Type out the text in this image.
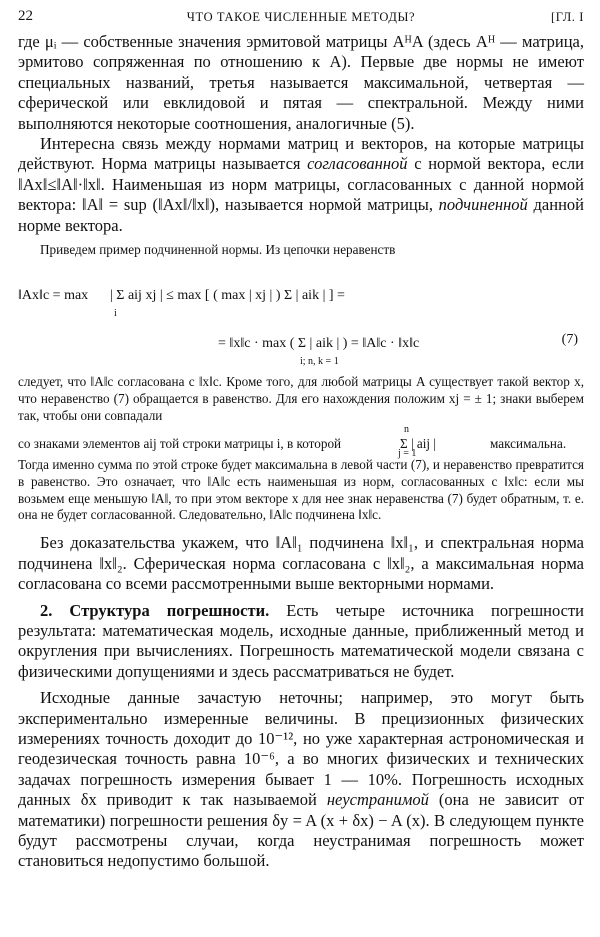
22	ЧТО ТАКОЕ ЧИСЛЕННЫЕ МЕТОДЫ?	[ГЛ. I

где μᵢ — собственные значения эрмитовой матрицы AᴴA (здесь Aᴴ — матрица, эрмитово сопряженная по отношению к A). Первые две нормы не имеют специальных названий, третья называется максимальной, четвертая — сферической или евклидовой и пятая — спектральной. Между ними выполняются некоторые соотношения, аналогичные (5).

Интересна связь между нормами матриц и векторов, на которые матрицы действуют. Норма матрицы называется согласованной с нормой вектора, если ‖Ax‖≤‖A‖·‖x‖. Наименьшая из норм матрицы, согласованных с данной нормой вектора: ‖A‖ = sup (‖Ax‖/‖x‖), называется нормой матрицы, подчиненной данной норме вектора.

Приведем пример подчиненной нормы. Из цепочки неравенств

‖Ax‖c = max | Σ aij xj | ≤ max [ ( max | xj | ) Σ | aik | ] =
i
= ‖x‖c · max ( Σ | aik | ) = ‖A‖c · ‖x‖c
i; n, k = 1
(7)

следует, что ‖A‖c согласована с ‖x‖c. Кроме того, для любой матрицы A существует такой вектор x, что неравенство (7) обращается в равенство. Для его нахождения положим xj = ± 1; знаки выберем так, чтобы они совпадали

со знаками элементов aij той строки матрицы i, в которой
n
Σ | aij |
j = 1
максимальна.

Тогда именно сумма по этой строке будет максимальна в левой части (7), и неравенство превратится в равенство. Это означает, что ‖A‖c есть наименьшая из норм, согласованных с ‖x‖c: если мы возьмем еще меньшую ‖A‖, то при этом векторе x для нее знак неравенства (7) будет обратным, т. е. она не будет согласованной. Следовательно, ‖A‖c подчинена ‖x‖c.

Без доказательства укажем, что ‖A‖₁ подчинена ‖x‖₁, и спектральная норма подчинена ‖x‖₂. Сферическая норма согласована с ‖x‖₂, а максимальная норма согласована со всеми рассмотренными выше векторными нормами.

2. Структура погрешности. Есть четыре источника погрешности результата: математическая модель, исходные данные, приближенный метод и округления при вычислениях. Погрешность математической модели связана с физическими допущениями и здесь рассматриваться не будет.

Исходные данные зачастую неточны; например, это могут быть экспериментально измеренные величины. В прецизионных физических измерениях точность доходит до 10⁻¹², но уже характерная астрономическая и геодезическая точность равна 10⁻⁶, а во многих физических и технических задачах погрешность измерения бывает 1 — 10%. Погрешность исходных данных δx приводит к так называемой неустранимой (она не зависит от математики) погрешности решения δy = A (x + δx) − A (x). В следующем пункте будут рассмотрены случаи, когда неустранимая погрешность может становиться недопустимо большой.
